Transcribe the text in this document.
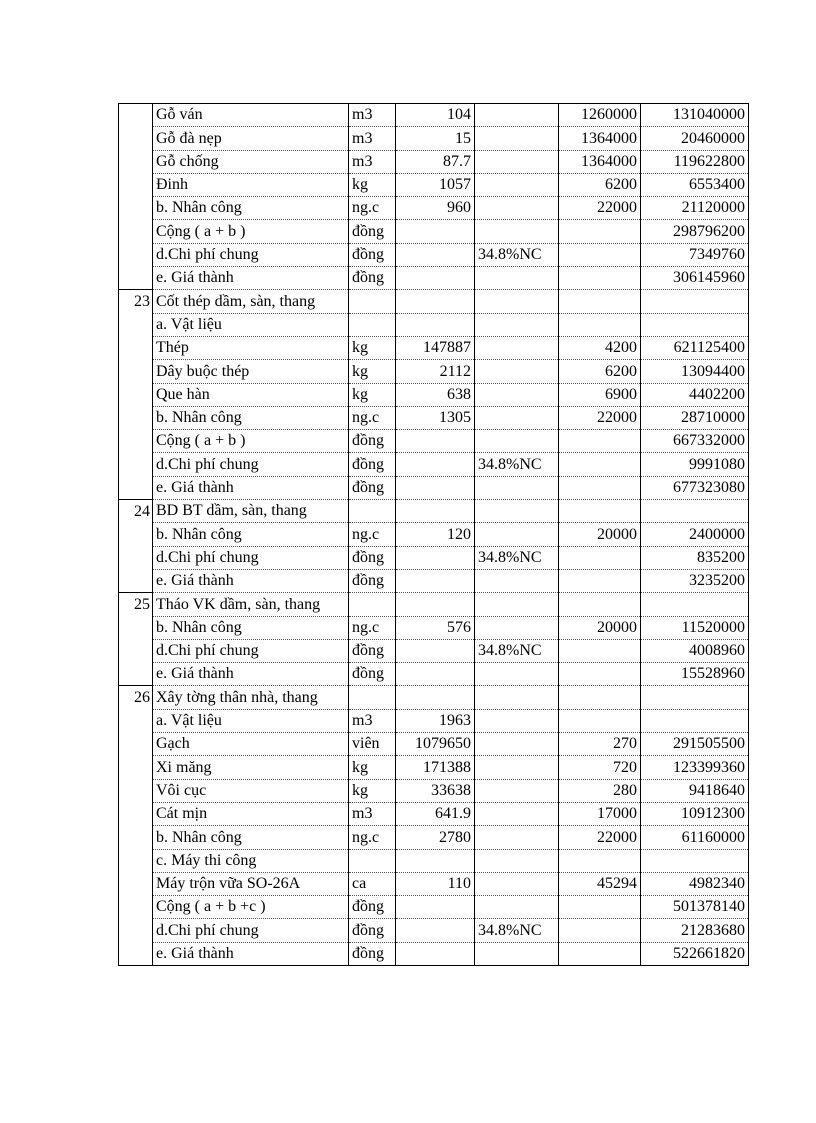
	Gỗ ván	m3	104		1260000	131040000
	Gỗ đà nẹp	m3	15		1364000	20460000
	Gỗ chống	m3	87.7		1364000	119622800
	Đinh	kg	1057		6200	6553400
	b. Nhân công	ng.c	960		22000	21120000
	Cộng ( a + b )	đồng				298796200
	d.Chi phí chung	đồng		34.8%NC		7349760
	e. Giá thành	đồng				306145960
23	Cốt thép dầm, sàn, thang					
	a. Vật liệu					
	Thép	kg	147887		4200	621125400
	Dây buộc thép	kg	2112		6200	13094400
	Que hàn	kg	638		6900	4402200
	b. Nhân công	ng.c	1305		22000	28710000
	Cộng ( a + b )	đồng				667332000
	d.Chi phí chung	đồng		34.8%NC		9991080
	e. Giá thành	đồng				677323080
24	BD BT dầm, sàn, thang					
	b. Nhân công	ng.c	120		20000	2400000
	d.Chi phí chung	đồng		34.8%NC		835200
	e. Giá thành	đồng				3235200
25	Tháo VK dầm, sàn, thang					
	b. Nhân công	ng.c	576		20000	11520000
	d.Chi phí chung	đồng		34.8%NC		4008960
	e. Giá thành	đồng				15528960
26	Xây tờng thân nhà, thang					
	a. Vật liệu	m3	1963			
	Gạch	viên	1079650		270	291505500
	Xi măng	kg	171388		720	123399360
	Vôi cục	kg	33638		280	9418640
	Cát mịn	m3	641.9		17000	10912300
	b. Nhân công	ng.c	2780		22000	61160000
	c. Máy thi công					
	Máy trộn vữa SO-26A	ca	110		45294	4982340
	Cộng ( a + b +c )	đồng				501378140
	d.Chi phí chung	đồng		34.8%NC		21283680
	e. Giá thành	đồng				522661820
